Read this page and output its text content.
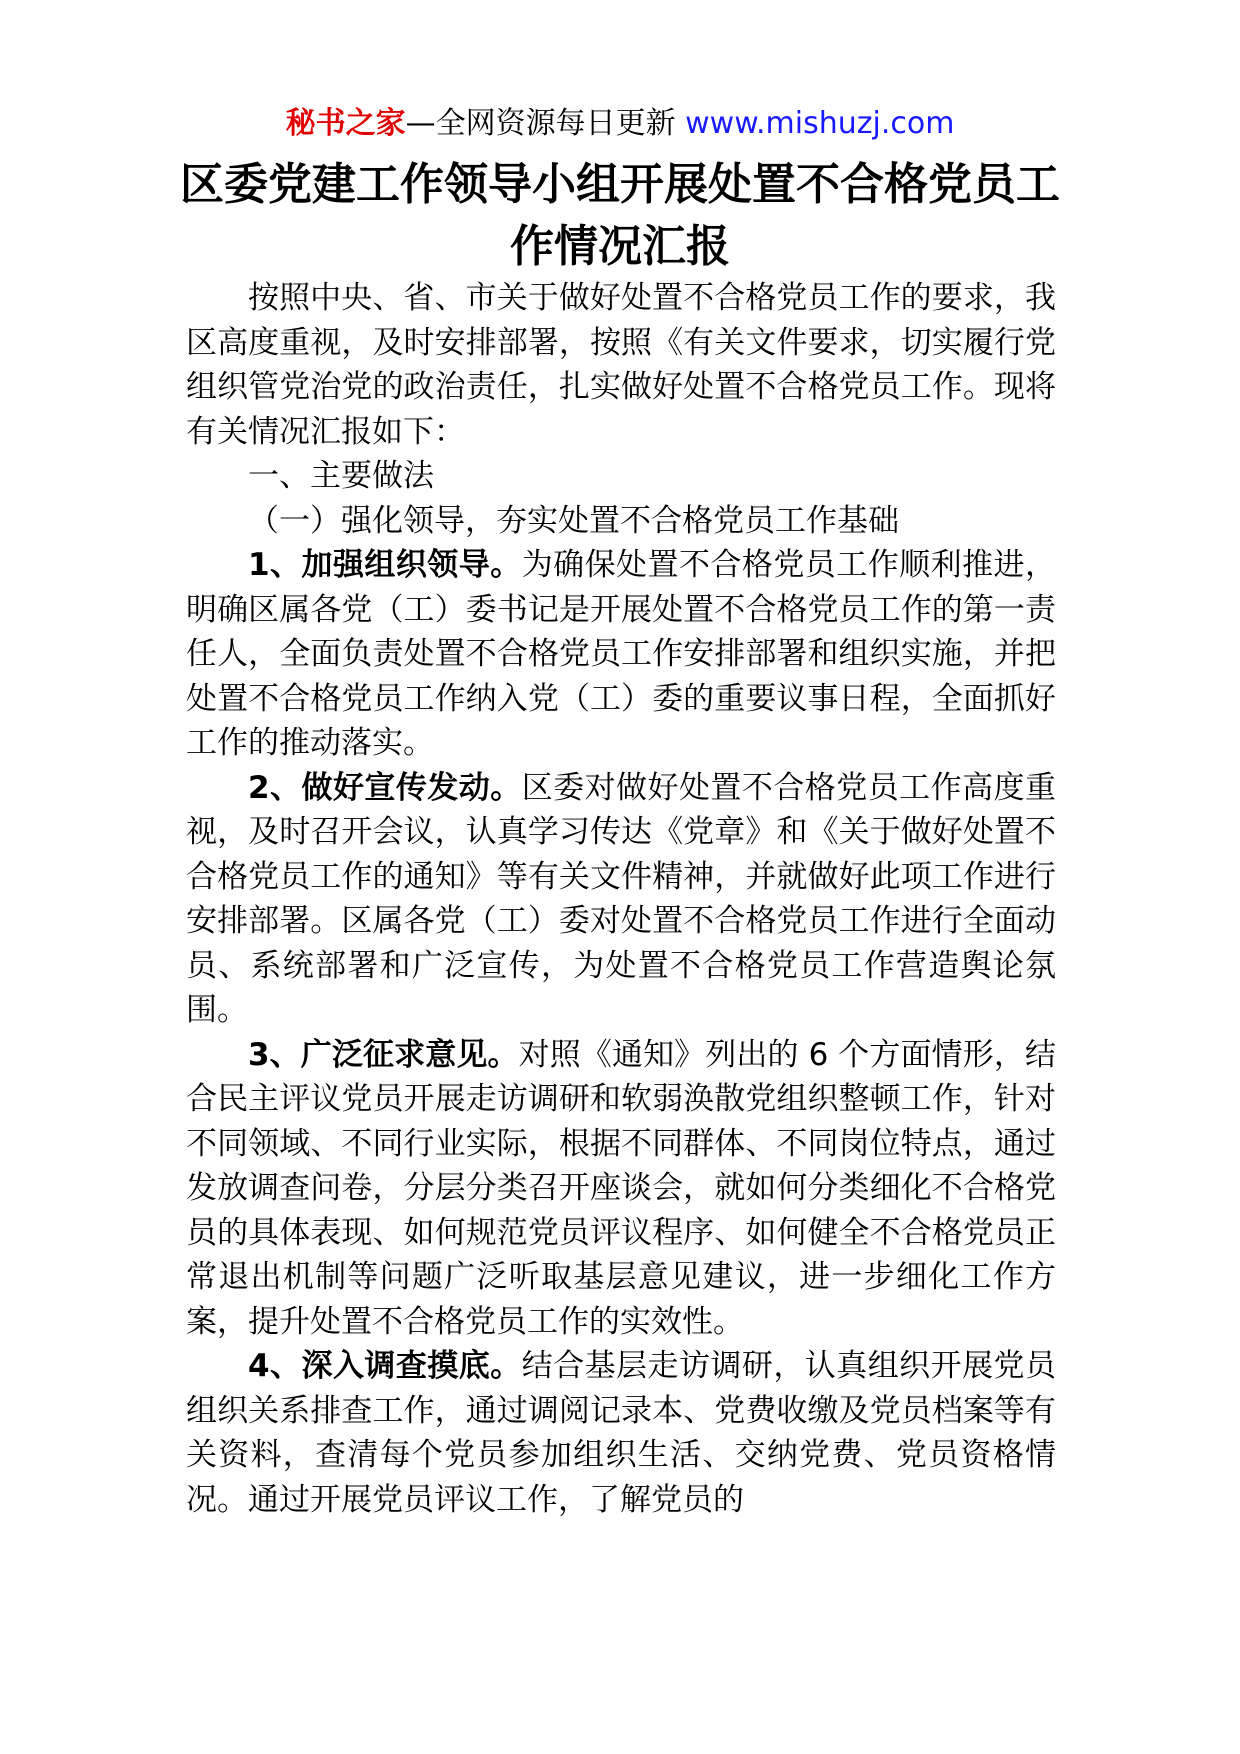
秘书之家—全网资源每日更新 www.mishuzj.com
区委党建工作领导小组开展处置不合格党员工作情况汇报

按照中央、省、市关于做好处置不合格党员工作的要求，我区高度重视，及时安排部署，按照《有关文件要求，切实履行党组织管党治党的政治责任，扎实做好处置不合格党员工作。现将有关情况汇报如下：

一、主要做法

（一）强化领导，夯实处置不合格党员工作基础

1、加强组织领导。为确保处置不合格党员工作顺利推进，明确区属各党（工）委书记是开展处置不合格党员工作的第一责任人，全面负责处置不合格党员工作安排部署和组织实施，并把处置不合格党员工作纳入党（工）委的重要议事日程，全面抓好工作的推动落实。

2、做好宣传发动。区委对做好处置不合格党员工作高度重视，及时召开会议，认真学习传达《党章》和《关于做好处置不合格党员工作的通知》等有关文件精神，并就做好此项工作进行安排部署。区属各党（工）委对处置不合格党员工作进行全面动员、系统部署和广泛宣传，为处置不合格党员工作营造舆论氛围。

3、广泛征求意见。对照《通知》列出的 6 个方面情形，结合民主评议党员开展走访调研和软弱涣散党组织整顿工作，针对不同领域、不同行业实际，根据不同群体、不同岗位特点，通过发放调查问卷，分层分类召开座谈会，就如何分类细化不合格党员的具体表现、如何规范党员评议程序、如何健全不合格党员正常退出机制等问题广泛听取基层意见建议，进一步细化工作方案，提升处置不合格党员工作的实效性。

4、深入调查摸底。结合基层走访调研，认真组织开展党员组织关系排查工作，通过调阅记录本、党费收缴及党员档案等有关资料，查清每个党员参加组织生活、交纳党费、党员资格情况。通过开展党员评议工作，了解党员的
